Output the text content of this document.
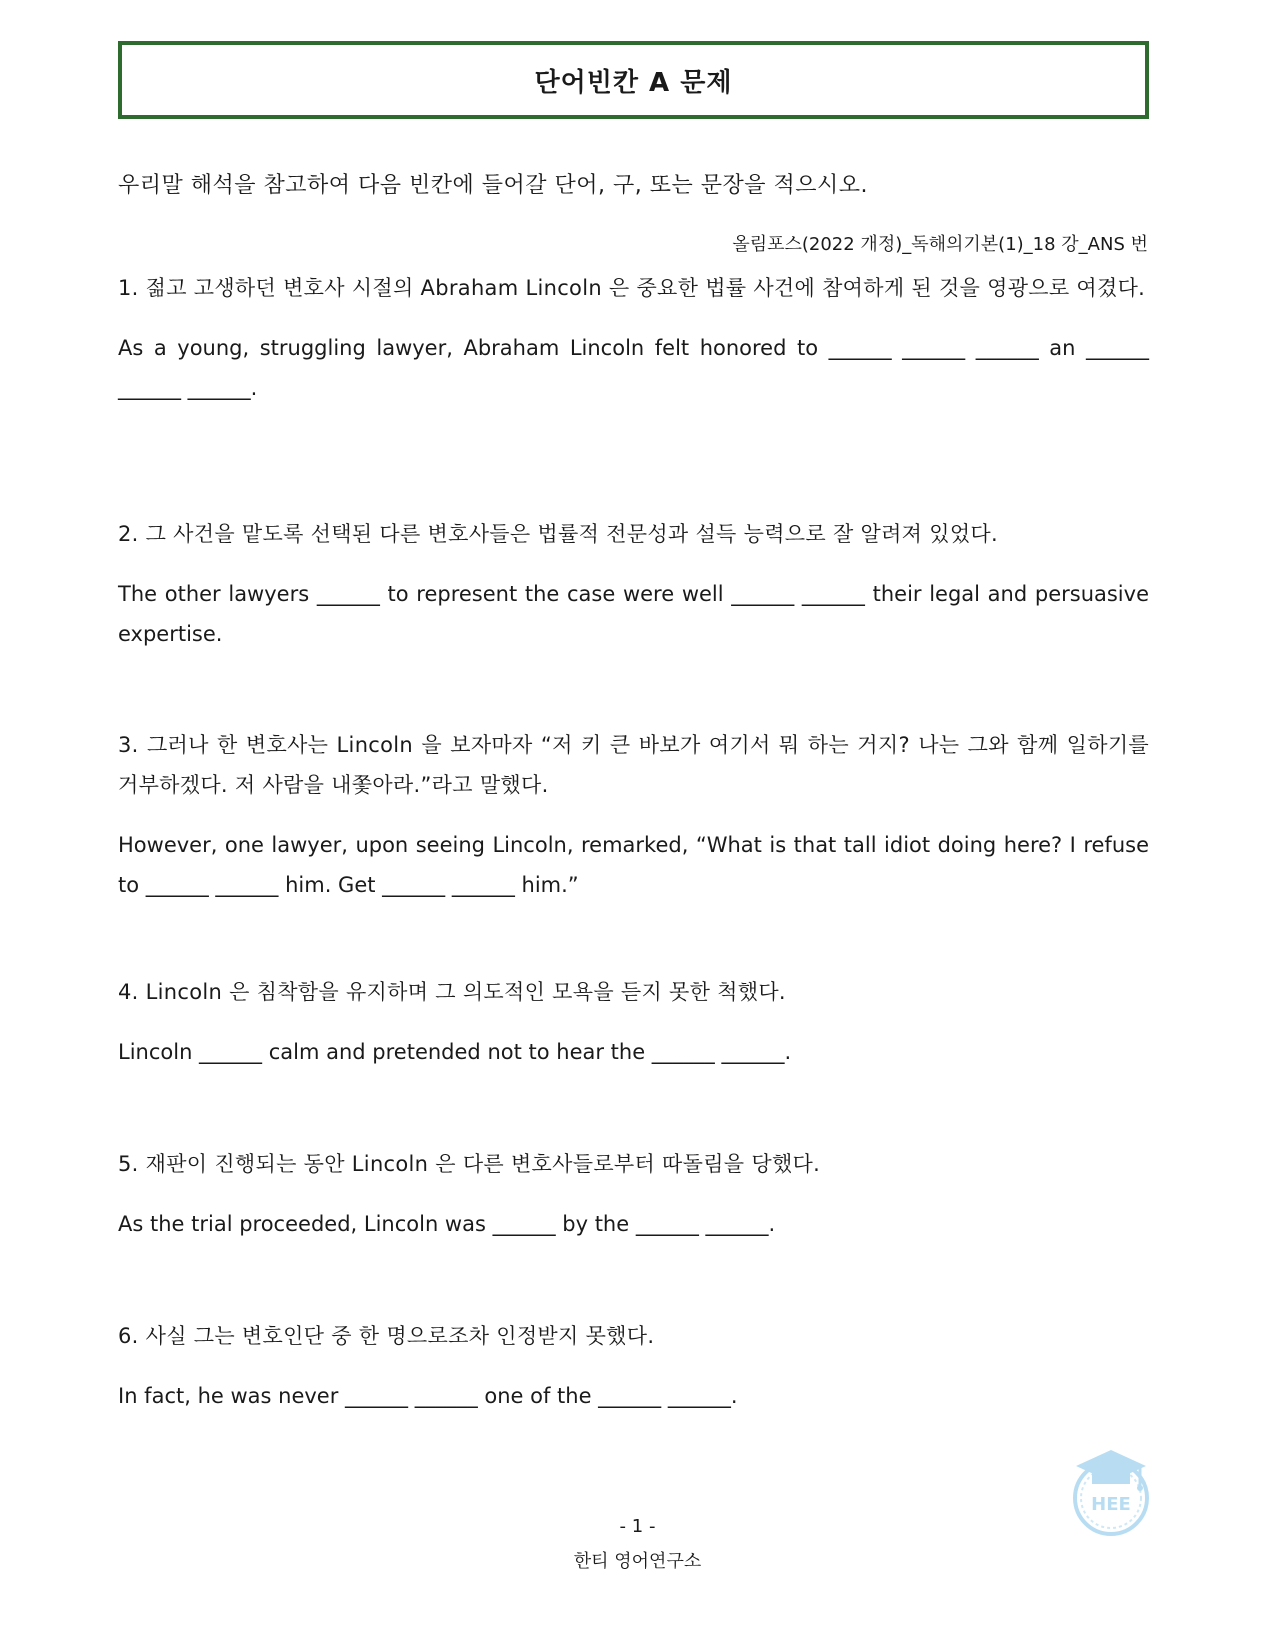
단어빈칸 A 문제
우리말 해석을 참고하여 다음 빈칸에 들어갈 단어, 구, 또는 문장을 적으시오.
올림포스(2022 개정)_독해의기본(1)_18 강_ANS 번
1. 젊고 고생하던 변호사 시절의 Abraham Lincoln 은 중요한 법률 사건에 참여하게 된 것을 영광으로 여겼다.
As a young, struggling lawyer, Abraham Lincoln felt honored to ______ ______ ______ an ______ ______ ______.
2. 그 사건을 맡도록 선택된 다른 변호사들은 법률적 전문성과 설득 능력으로 잘 알려져 있었다.
The other lawyers ______ to represent the case were well ______ ______ their legal and persuasive expertise.
3. 그러나 한 변호사는 Lincoln 을 보자마자 “저 키 큰 바보가 여기서 뭐 하는 거지? 나는 그와 함께 일하기를 거부하겠다. 저 사람을 내쫓아라.”라고 말했다.
However, one lawyer, upon seeing Lincoln, remarked, “What is that tall idiot doing here? I refuse to ______ ______ him. Get ______ ______ him.”
4. Lincoln 은 침착함을 유지하며 그 의도적인 모욕을 듣지 못한 척했다.
Lincoln ______ calm and pretended not to hear the ______ ______.
5. 재판이 진행되는 동안 Lincoln 은 다른 변호사들로부터 따돌림을 당했다.
As the trial proceeded, Lincoln was ______ by the ______ ______.
6. 사실 그는 변호인단 중 한 명으로조차 인정받지 못했다.
In fact, he was never ______ ______ one of the ______ ______.
- 1 -
한티 영어연구소
HEE
